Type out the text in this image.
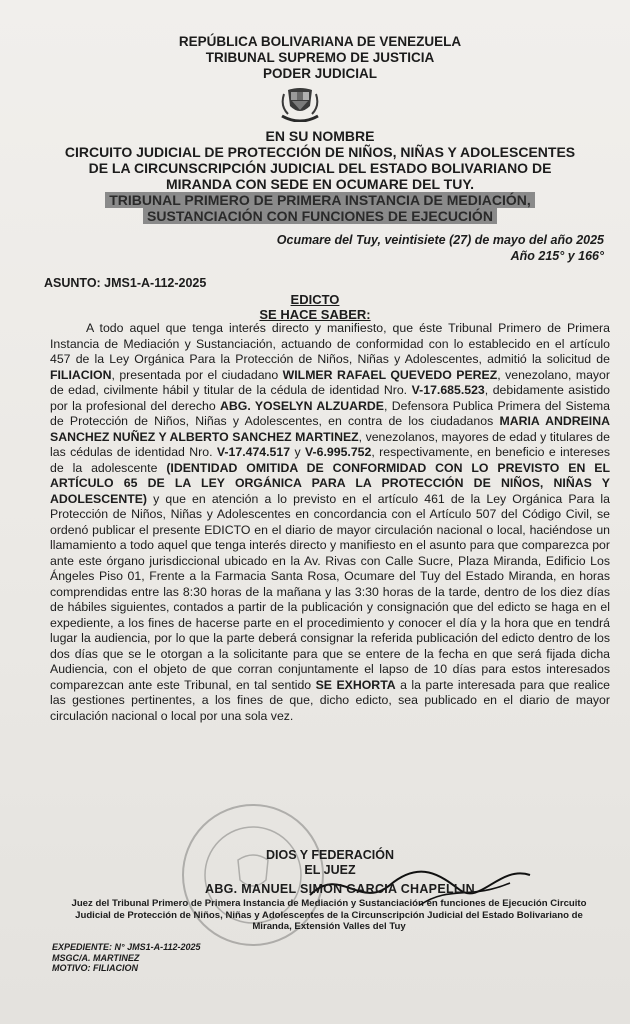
REPÚBLICA BOLIVARIANA DE VENEZUELA
TRIBUNAL SUPREMO DE JUSTICIA
PODER JUDICIAL
EN SU NOMBRE
CIRCUITO JUDICIAL DE PROTECCIÓN DE NIÑOS, NIÑAS Y ADOLESCENTES
DE LA CIRCUNSCRIPCIÓN JUDICIAL DEL ESTADO BOLIVARIANO DE
MIRANDA CON SEDE EN OCUMARE DEL TUY.
TRIBUNAL PRIMERO DE PRIMERA INSTANCIA DE MEDIACIÓN,
SUSTANCIACIÓN CON FUNCIONES DE EJECUCIÓN
Ocumare del Tuy, veintisiete (27) de mayo del año 2025
Año 215° y 166°
ASUNTO: JMS1-A-112-2025
EDICTO
SE HACE SABER:

A todo aquel que tenga interés directo y manifiesto, que éste Tribunal Primero de Primera Instancia de Mediación y Sustanciación, actuando de conformidad con lo establecido en el artículo 457 de la Ley Orgánica Para la Protección de Niños, Niñas y Adolescentes, admitió la solicitud de FILIACION, presentada por el ciudadano WILMER RAFAEL QUEVEDO PEREZ, venezolano, mayor de edad, civilmente hábil y titular de la cédula de identidad Nro. V-17.685.523, debidamente asistido por la profesional del derecho ABG. YOSELYN ALZUARDE, Defensora Publica Primera del Sistema de Protección de Niños, Niñas y Adolescentes, en contra de los ciudadanos MARIA ANDREINA SANCHEZ NUÑEZ Y ALBERTO SANCHEZ MARTINEZ, venezolanos, mayores de edad y titulares de las cédulas de identidad Nro. V-17.474.517 y V-6.995.752, respectivamente, en beneficio e intereses de la adolescente (IDENTIDAD OMITIDA DE CONFORMIDAD CON LO PREVISTO EN EL ARTÍCULO 65 DE LA LEY ORGÁNICA PARA LA PROTECCIÓN DE NIÑOS, NIÑAS Y ADOLESCENTE) y que en atención a lo previsto en el artículo 461 de la Ley Orgánica Para la Protección de Niños, Niñas y Adolescentes en concordancia con el Artículo 507 del Código Civil, se ordenó publicar el presente EDICTO en el diario de mayor circulación nacional o local, haciéndose un llamamiento a todo aquel que tenga interés directo y manifiesto en el asunto para que comparezca por ante este órgano jurisdiccional ubicado en la Av. Rivas con Calle Sucre, Plaza Miranda, Edificio Los Ángeles Piso 01, Frente a la Farmacia Santa Rosa, Ocumare del Tuy del Estado Miranda, en horas comprendidas entre las 8:30 horas de la mañana y las 3:30 horas de la tarde, dentro de los diez días de hábiles siguientes, contados a partir de la publicación y consignación que del edicto se haga en el expediente, a los fines de hacerse parte en el procedimiento y conocer el día y la hora que en tendrá lugar la audiencia, por lo que la parte deberá consignar la referida publicación del edicto dentro de los dos días que se le otorgan a la solicitante para que se entere de la fecha en que será fijada dicha Audiencia, con el objeto de que corran conjuntamente el lapso de 10 días para estos interesados comparezcan ante este Tribunal, en tal sentido SE EXHORTA a la parte interesada para que realice las gestiones pertinentes, a los fines de que, dicho edicto, sea publicado en el diario de mayor circulación nacional o local por una sola vez.

DIOS Y FEDERACIÓN
EL JUEZ
ABG. MANUEL SIMON GARCIA CHAPELLIN
Juez del Tribunal Primero de Primera Instancia de Mediación y Sustanciación en funciones de Ejecución Circuito
Judicial de Protección de Niños, Niñas y Adolescentes de la Circunscripción Judicial del Estado Bolivariano de
Miranda, Extensión Valles del Tuy
EXPEDIENTE: N° JMS1-A-112-2025
MSGC/A. MARTINEZ
MOTIVO: FILIACION
